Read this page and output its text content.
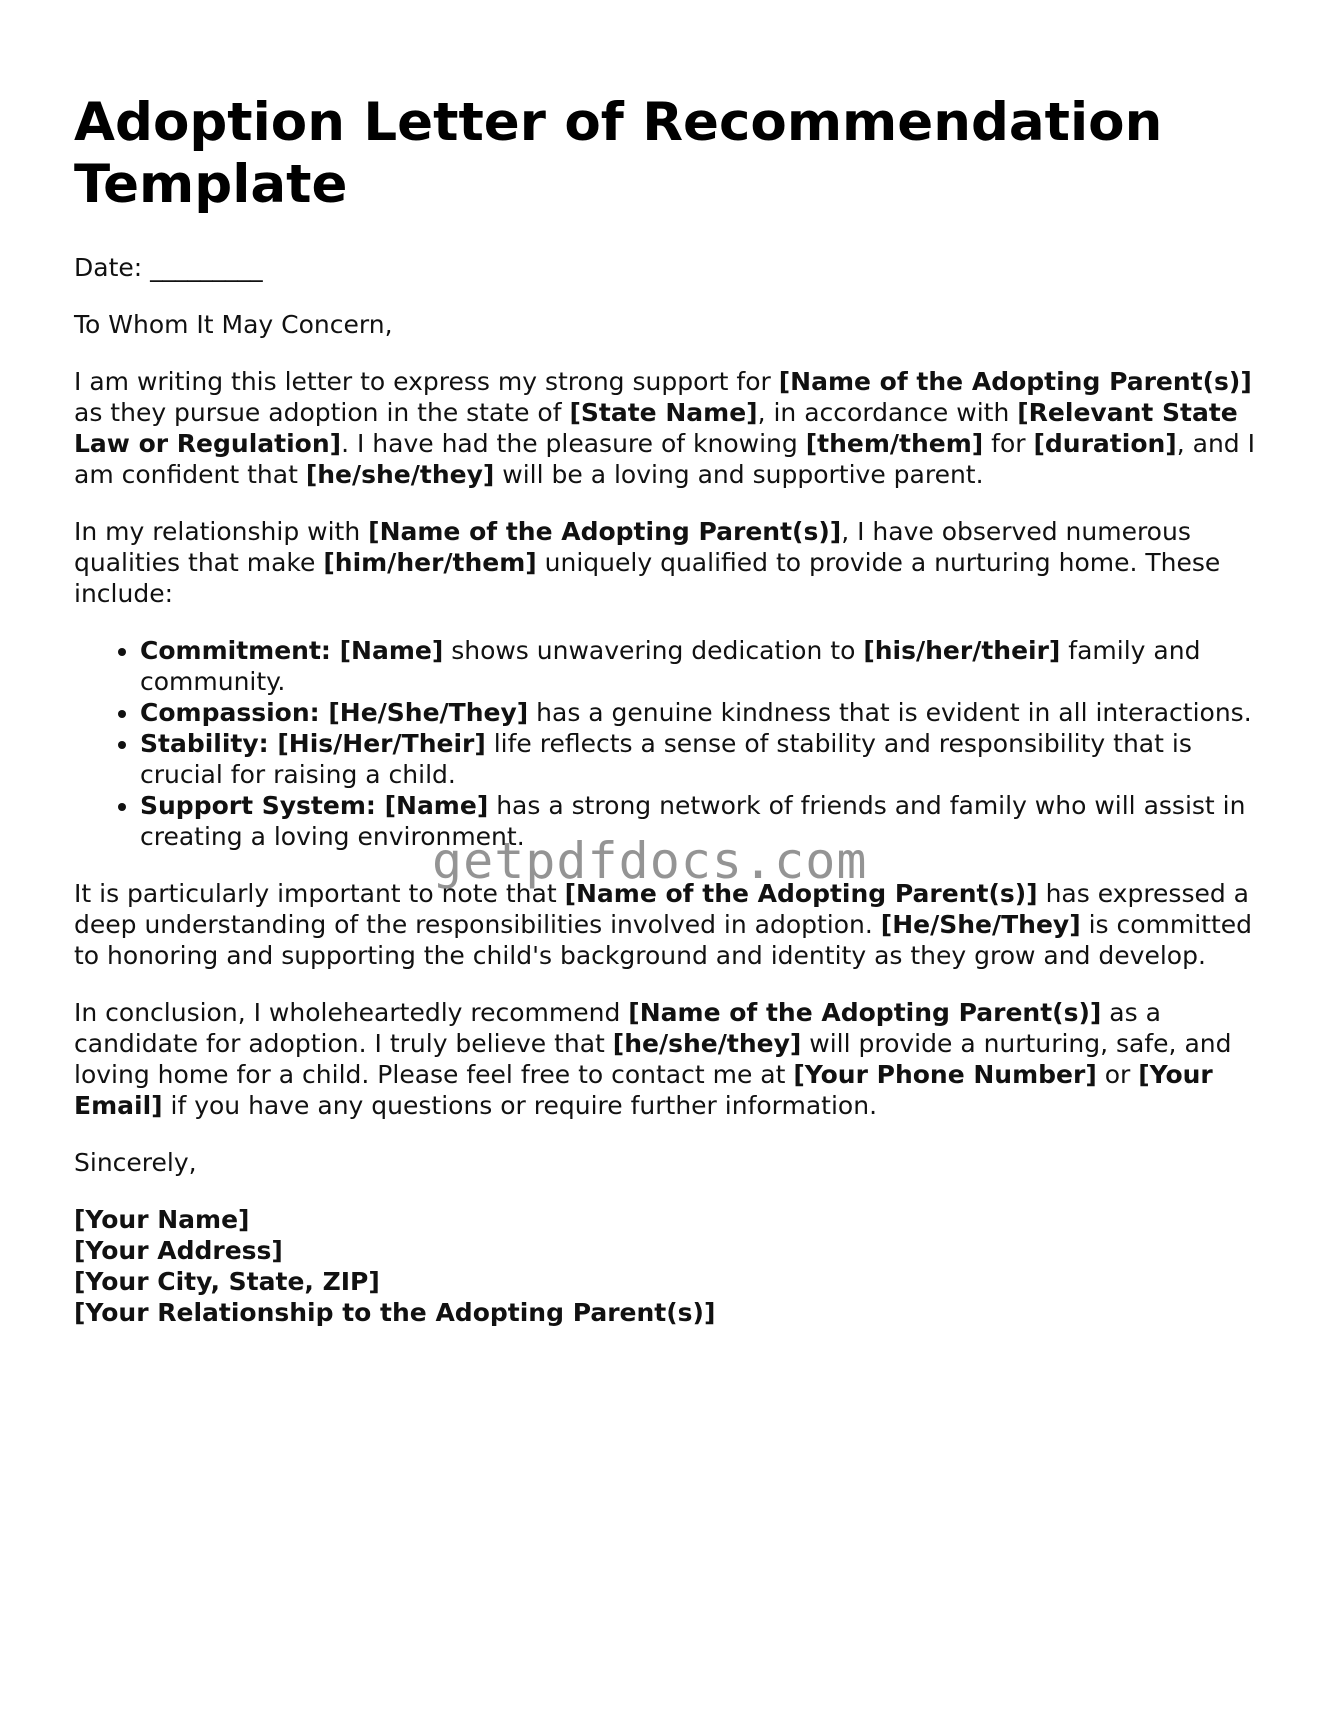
Adoption Letter of Recommendation Template

Date: _________

To Whom It May Concern,

I am writing this letter to express my strong support for [Name of the Adopting Parent(s)] as they pursue adoption in the state of [State Name], in accordance with [Relevant State Law or Regulation]. I have had the pleasure of knowing [them/them] for [duration], and I am confident that [he/she/they] will be a loving and supportive parent.

In my relationship with [Name of the Adopting Parent(s)], I have observed numerous qualities that make [him/her/them] uniquely qualified to provide a nurturing home. These include:

• Commitment: [Name] shows unwavering dedication to [his/her/their] family and community.
• Compassion: [He/She/They] has a genuine kindness that is evident in all interactions.
• Stability: [His/Her/Their] life reflects a sense of stability and responsibility that is crucial for raising a child.
• Support System: [Name] has a strong network of friends and family who will assist in creating a loving environment.

It is particularly important to note that [Name of the Adopting Parent(s)] has expressed a deep understanding of the responsibilities involved in adoption. [He/She/They] is committed to honoring and supporting the child's background and identity as they grow and develop.

In conclusion, I wholeheartedly recommend [Name of the Adopting Parent(s)] as a candidate for adoption. I truly believe that [he/she/they] will provide a nurturing, safe, and loving home for a child. Please feel free to contact me at [Your Phone Number] or [Your Email] if you have any questions or require further information.

Sincerely,

[Your Name]
[Your Address]
[Your City, State, ZIP]
[Your Relationship to the Adopting Parent(s)]
getpdfdocs.com
